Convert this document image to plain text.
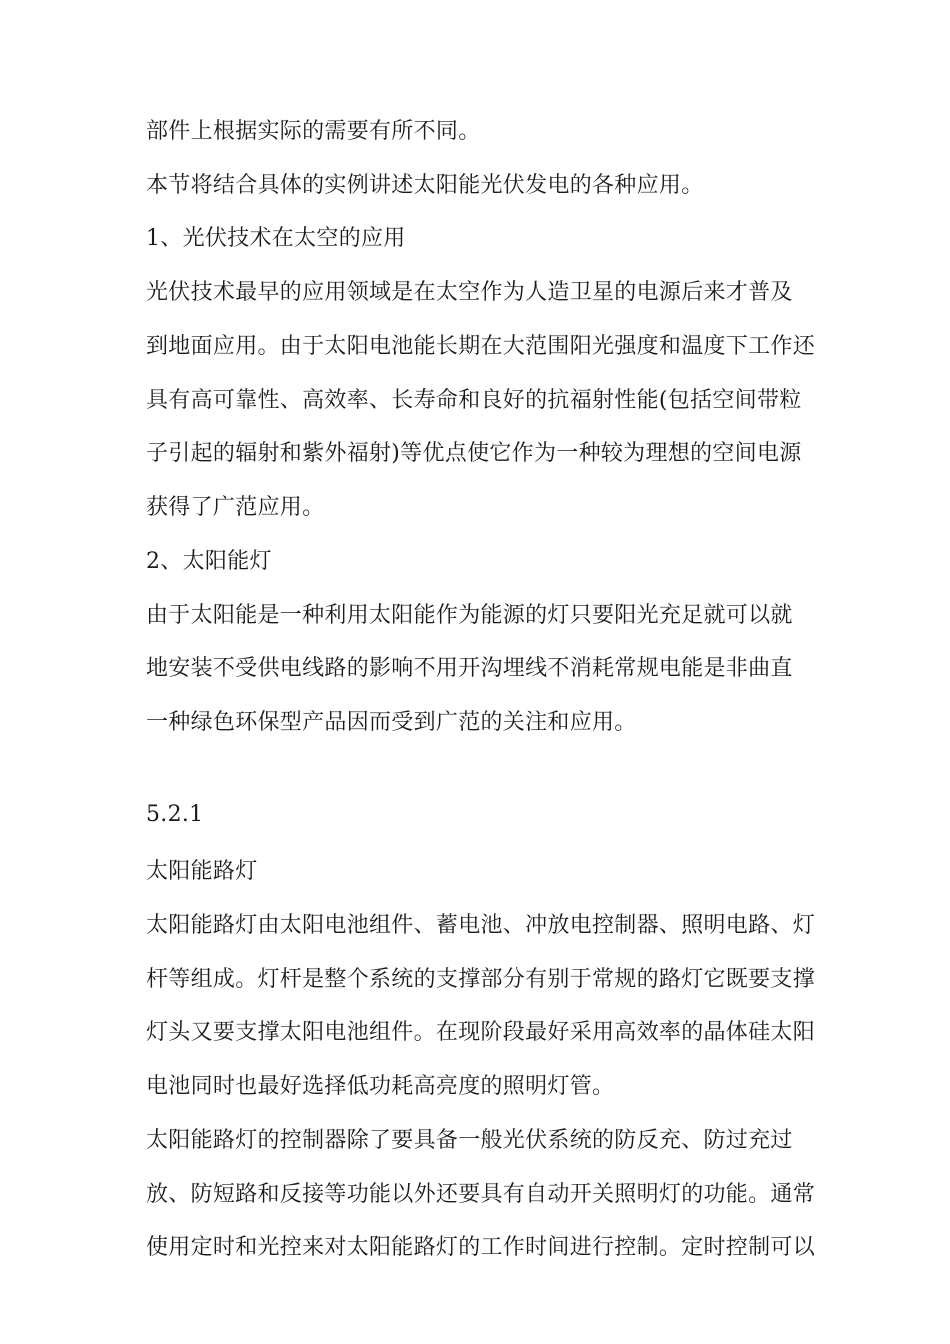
部件上根据实际的需要有所不同。
本节将结合具体的实例讲述太阳能光伏发电的各种应用。
1、光伏技术在太空的应用
光伏技术最早的应用领域是在太空作为人造卫星的电源后来才普及
到地面应用。由于太阳电池能长期在大范围阳光强度和温度下工作还
具有高可靠性、高效率、长寿命和良好的抗福射性能(包括空间带粒
子引起的辐射和紫外福射)等优点使它作为一种较为理想的空间电源
获得了广范应用。
2、太阳能灯
由于太阳能是一种利用太阳能作为能源的灯只要阳光充足就可以就
地安装不受供电线路的影响不用开沟埋线不消耗常规电能是非曲直
一种绿色环保型产品因而受到广范的关注和应用。
5.2.1
太阳能路灯
太阳能路灯由太阳电池组件、蓄电池、冲放电控制器、照明电路、灯
杆等组成。灯杆是整个系统的支撑部分有别于常规的路灯它既要支撑
灯头又要支撑太阳电池组件。在现阶段最好采用高效率的晶体硅太阳
电池同时也最好选择低功耗高亮度的照明灯管。
太阳能路灯的控制器除了要具备一般光伏系统的防反充、防过充过
放、防短路和反接等功能以外还要具有自动开关照明灯的功能。通常
使用定时和光控来对太阳能路灯的工作时间进行控制。定时控制可以
